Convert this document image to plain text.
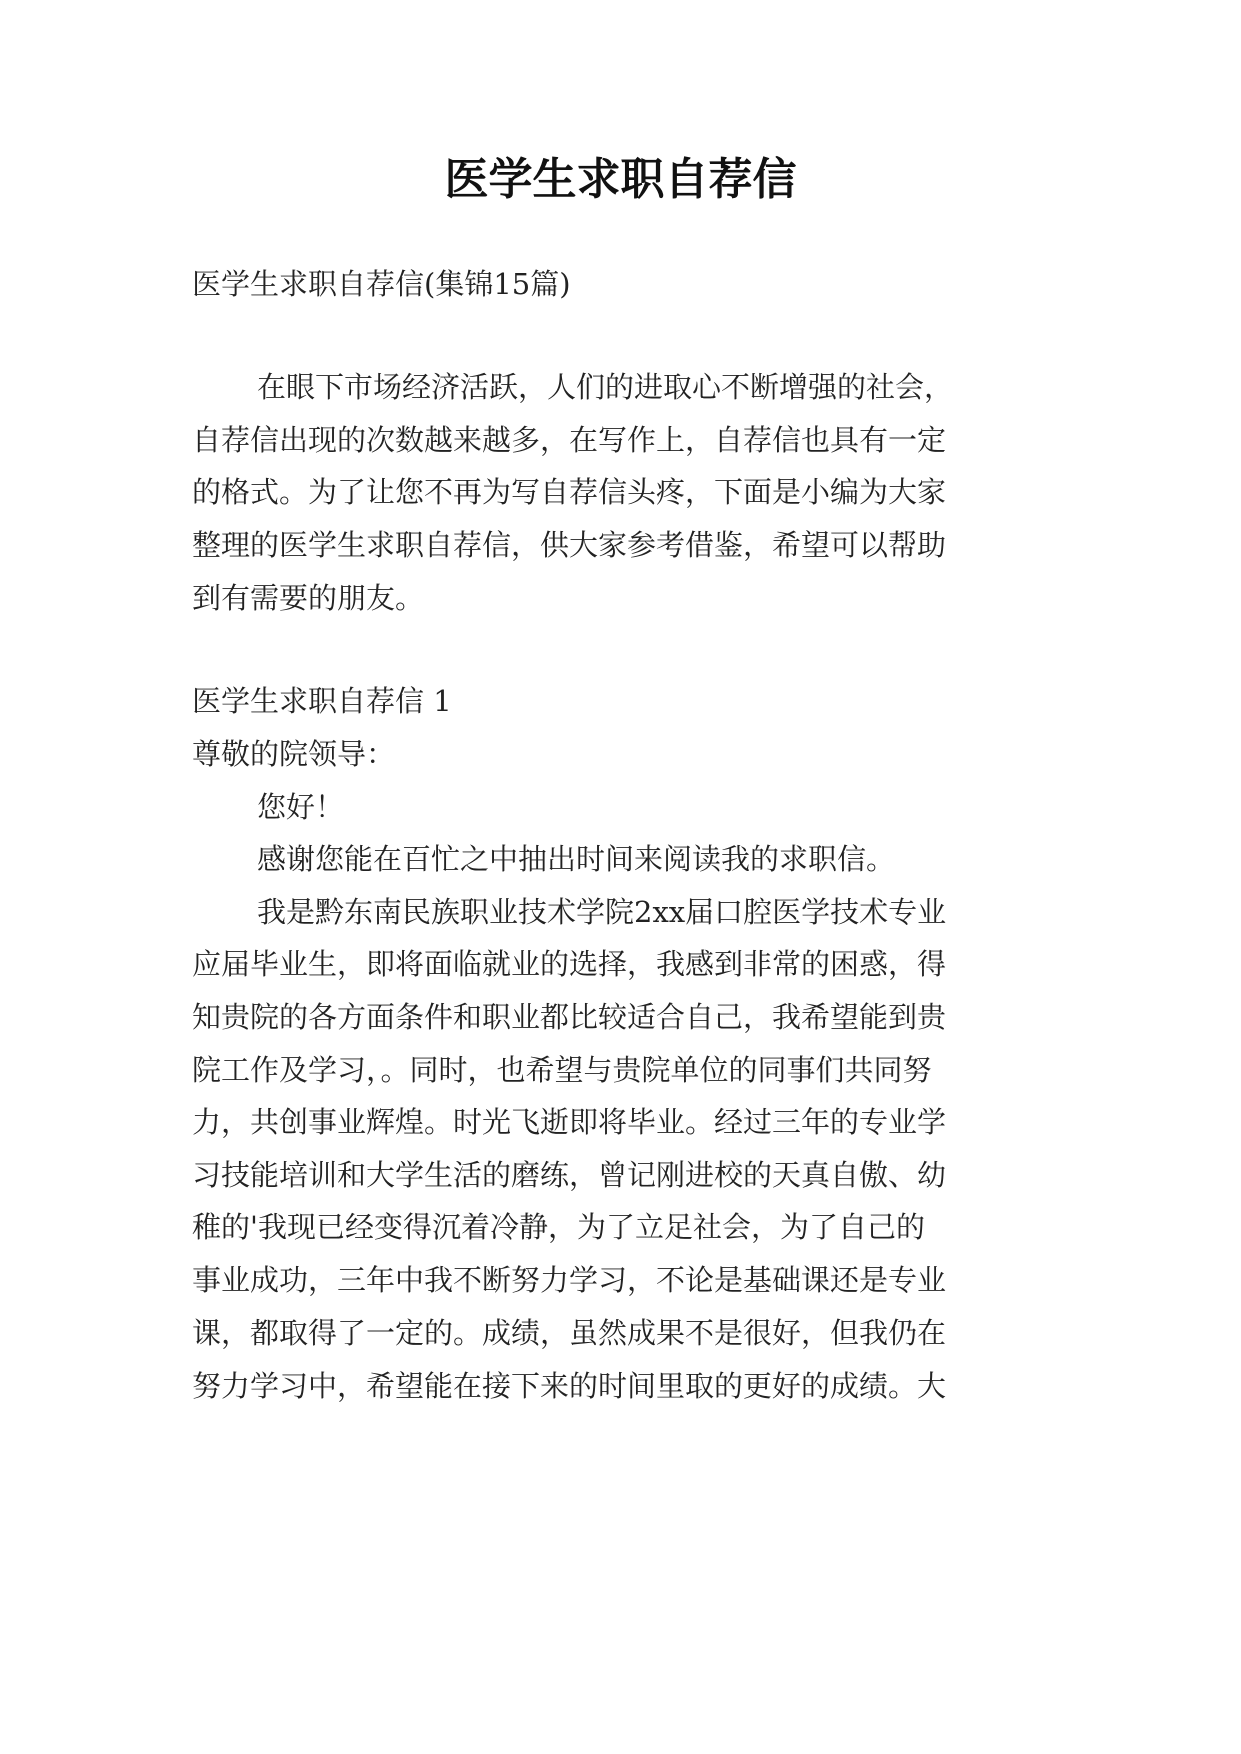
医学生求职自荐信

医学生求职自荐信(集锦15篇)

在眼下市场经济活跃，人们的进取心不断增强的社会，

自荐信出现的次数越来越多，在写作上，自荐信也具有一定

的格式。为了让您不再为写自荐信头疼，下面是小编为大家

整理的医学生求职自荐信，供大家参考借鉴，希望可以帮助

到有需要的朋友。

医学生求职自荐信 1

尊敬的院领导：

您好！

感谢您能在百忙之中抽出时间来阅读我的求职信。

我是黔东南民族职业技术学院2xx届口腔医学技术专业

应届毕业生，即将面临就业的选择，我感到非常的困惑，得

知贵院的各方面条件和职业都比较适合自己，我希望能到贵

院工作及学习，。同时，也希望与贵院单位的同事们共同努

力，共创事业辉煌。时光飞逝即将毕业。经过三年的专业学

习技能培训和大学生活的磨练，曾记刚进校的天真自傲、幼

稚的'我现已经变得沉着冷静，为了立足社会，为了自己的

事业成功，三年中我不断努力学习，不论是基础课还是专业

课，都取得了一定的。成绩，虽然成果不是很好，但我仍在

努力学习中，希望能在接下来的时间里取的更好的成绩。大
